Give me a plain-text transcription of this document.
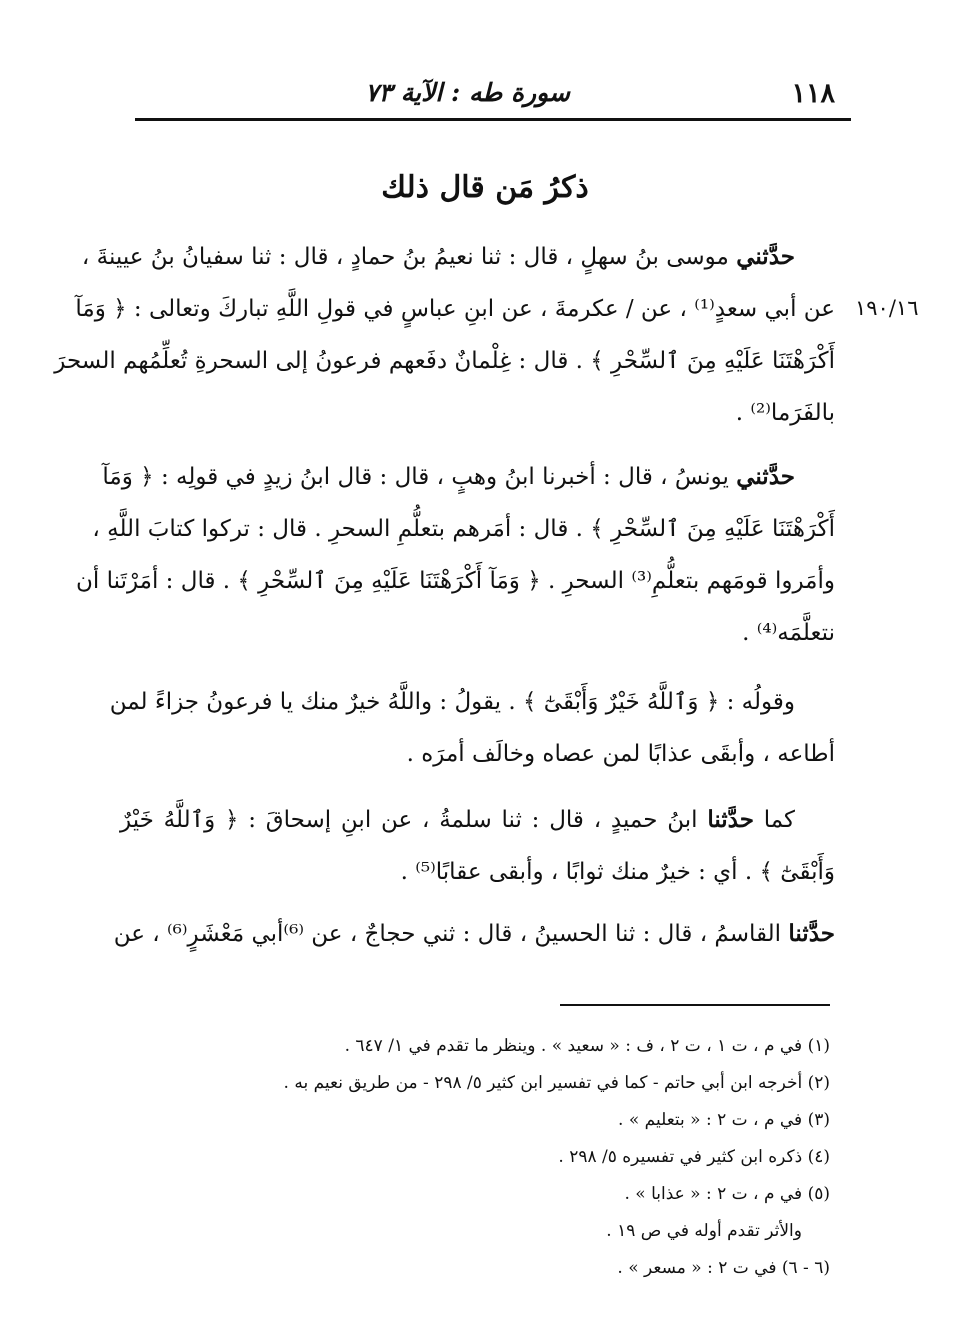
١١٨
سورة طه : الآية ٧٣
ذكرُ مَن قال ذلك
١٩٠/١٦
حدَّثني موسى بنُ سهلٍ ، قال : ثنا نعيمُ بنُ حمادٍ ، قال : ثنا سفيانُ بنُ عيينةَ ،
عن أبي سعدٍ⁽¹⁾ ، عن / عكرمةَ ، عن ابنِ عباسٍ في قولِ اللَّهِ تباركَ وتعالى : ﴿ وَمَآ
أَكْرَهْتَنَا عَلَيْهِ مِنَ ٱلسِّحْرِ ﴾ . قال : غِلْمانٌ دفَعهم فرعونُ إلى السحرةِ تُعلِّمُهم السحرَ
بالفَرَما⁽²⁾ .
حدَّثني يونسُ ، قال : أخبرنا ابنُ وهبٍ ، قال : قال ابنُ زيدٍ في قولِه : ﴿ وَمَآ
أَكْرَهْتَنَا عَلَيْهِ مِنَ ٱلسِّحْرِ ﴾ . قال : أمَرهم بتعلُّمِ السحرِ . قال : تركوا كتابَ اللَّهِ ،
وأمَروا قومَهم بتعلُّمِ⁽³⁾ السحرِ . ﴿ وَمَآ أَكْرَهْتَنَا عَلَيْهِ مِنَ ٱلسِّحْرِ ﴾ . قال : أمَرْتَنا أن
نتعلَّمَه⁽⁴⁾ .
وقولُه : ﴿ وَٱللَّهُ خَيْرٌ وَأَبْقَىٰٓ ﴾ . يقولُ : واللَّهُ خيرٌ منك يا فرعونُ جزاءً لمن
أطاعه ، وأبقَى عذابًا لمن عصاه وخالَف أمرَه .
كما حدَّثنا ابنُ حميدٍ ، قال : ثنا سلمةُ ، عن ابنِ إسحاقَ : ﴿ وَٱللَّهُ خَيْرٌ
وَأَبْقَىٰٓ ﴾ . أي : خيرٌ منك ثوابًا ، وأبقى عقابًا⁽⁵⁾ .
حدَّثنا القاسمُ ، قال : ثنا الحسينُ ، قال : ثني حجاجٌ ، عن ⁽⁶⁾أبي مَعْشَرٍ⁽⁶⁾ ، عن
(١) في م ، ت ١ ، ت ٢ ، ف : « سعيد » . وينظر ما تقدم في ١/ ٦٤٧ .
(٢) أخرجه ابن أبي حاتم - كما في تفسير ابن كثير ٥/ ٢٩٨ - من طريق نعيم به .
(٣) في م ، ت ٢ : « بتعليم » .
(٤) ذكره ابن كثير في تفسيره ٥/ ٢٩٨ .
(٥) في م ، ت ٢ : « عذابا » .
والأثر تقدم أوله في ص ١٩ .
(٦ - ٦) في ت ٢ : « مسعر » .
